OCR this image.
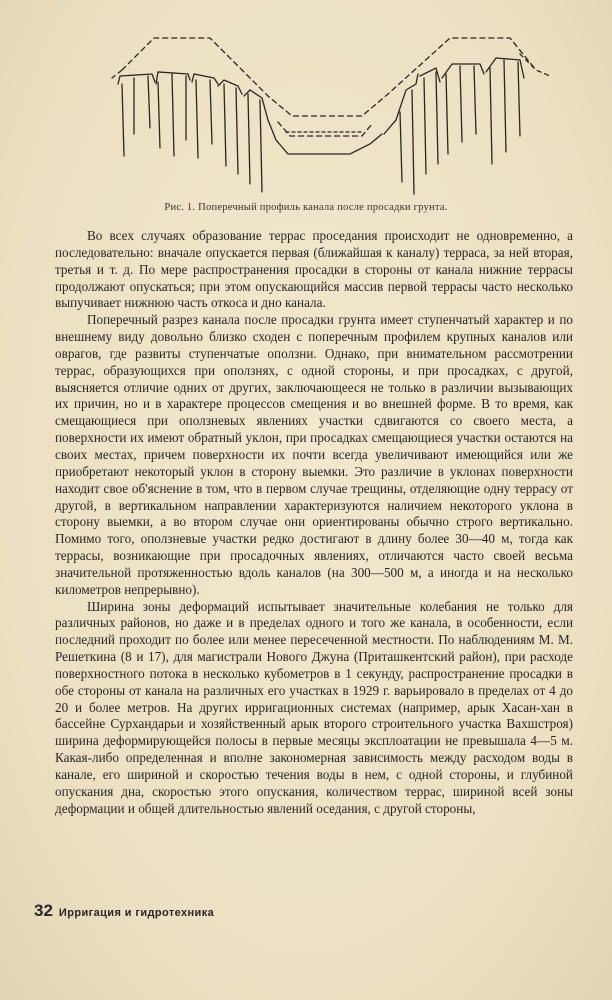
Рис. 1. Поперечный профиль канала после просадки грунта.

Во всех случаях образование террас проседания происходит не одновременно, а последовательно: вначале опускается первая (ближайшая к каналу) терраса, за ней вторая, третья и т. д. По мере распространения просадки в стороны от канала нижние террасы продолжают опускаться; при этом опускающийся массив первой террасы часто несколько выпучивает нижнюю часть откоса и дно канала.

Поперечный разрез канала после просадки грунта имеет ступенчатый характер и по внешнему виду довольно близко сходен с поперечным профилем крупных каналов или оврагов, где развиты ступенчатые оползни. Однако, при внимательном рассмотрении террас, образующихся при оползнях, с одной стороны, и при просадках, с другой, выясняется отличие одних от других, заключающееся не только в различии вызывающих их причин, но и в характере процессов смещения и во внешней форме. В то время, как смещающиеся при оползневых явлениях участки сдвигаются со своего места, а поверхности их имеют обратный уклон, при просадках смещающиеся участки остаются на своих местах, причем поверхности их почти всегда увеличивают имеющийся или же приобретают некоторый уклон в сторону выемки. Это различие в уклонах поверхности находит свое об'яснение в том, что в первом случае трещины, отделяющие одну террасу от другой, в вертикальном направлении характеризуются наличием некоторого уклона в сторону выемки, а во втором случае они ориентированы обычно строго вертикально. Помимо того, оползневые участки редко достигают в длину более 30—40 м, тогда как террасы, возникающие при просадочных явлениях, отличаются часто своей весьма значительной протяженностью вдоль каналов (на 300—500 м, а иногда и на несколько километров непрерывно).

Ширина зоны деформаций испытывает значительные колебания не только для различных районов, но даже и в пределах одного и того же канала, в особенности, если последний проходит по более или менее пересеченной местности. По наблюдениям М. М. Решеткина (8 и 17), для магистрали Нового Джуна (Приташкентский район), при расходе поверхностного потока в несколько кубометров в 1 секунду, распространение просадки в обе стороны от канала на различных его участках в 1929 г. варьировало в пределах от 4 до 20 и более метров. На других ирригационных системах (например, арык Хасан-хан в бассейне Сурхандарьи и хозяйственный арык второго строительного участка Вахшстроя) ширина деформирующейся полосы в первые месяцы эксплоатации не превышала 4—5 м. Какая-либо определенная и вполне закономерная зависимость между расходом воды в канале, его шириной и скоростью течения воды в нем, с одной стороны, и глубиной опускания дна, скоростью этого опускания, количеством террас, шириной всей зоны деформации и общей длительностью явлений оседания, с другой стороны,

32 Ирригация и гидротехника
